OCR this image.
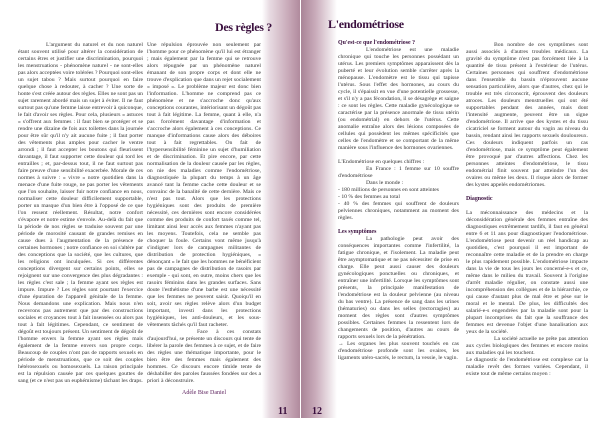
Des règles ?	L'endométriose

L'argument du naturel et du non naturel étant souvent utilisé pour altérer la considération de certains êtres et justifier une discrimination, pourquoi les menstruations - phénomène naturel - ne sont-elles pas alors acceptées voire tolérées ? Pourquoi sont-elles un sujet tabou ? Mais surtout pourquoi en faire quelque chose à redouter, à cacher ? Une sorte de honte s'est créée autour des règles. Elles ne sont pas un sujet rarement abordé mais un sujet à éviter. Il ne faut surtout pas qu'une femme laisse entrevoir à quiconque, le fait d'avoir ses règles. Pour cela, plusieurs « astuces » s'offrent aux femmes : il faut bien se protéger et se rendre une dizaine de fois aux toilettes dans la journée pour être sûr qu'il n'y ait aucune fuite ; il faut porter des vêtements plus amples pour cacher le ventre arrondi ; il faut accepter les boutons qui fleurissent davantage, il faut supporter cette douleur qui tord les entrailles ; et, par-dessus tout, il ne faut surtout pas faire preuve d'une sensibilité exacerbée. Morale de ces normes à suivre : « vivre » notre quotidien dans la menace d'une fuite rouge, ne pas porter les vêtements que l'on souhaite, laisser fuir notre confiance en nous, normaliser cette douleur difficilement supportable, porter un masque d'un bien être à l'opposé de ce que l'on ressent réellement. Résultat, notre confort s'évapore et notre estime s'envole. Au-delà du fait que la période de nos règles se traduise souvent par une période de morosité causant de grandes remises en cause dues à l'augmentation de la présence de certaines hormones ; notre confiance en soi s'altère par des conceptions que la société, que les cultures, que les religions ont inculquées. Si ces différentes conceptions divergent sur certains points, elles se rejoignent sur une convergence des plus dégradantes : les règles c'est sale ; la femme ayant ses règles est impure. Impure ? Les règles sont pourtant l'exercice d'une épuration de l'appareil génitale de la femme. Nous demandons une explication. Mais nous n'en recevrons pas autrement que par des constructions sociales et croyances tout à fait insensées ou alors pas tout à fait légitimes. Cependant, ce sentiment de dégoût est toujours présent. Un sentiment de dégoût de l'homme envers la femme ayant ses règles mais également de la femme envers son propre corps. Beaucoup de couples n'ont pas de rapports sexuels en période de menstruations, que ce soit des couples hétérosexuels ou homosexuels. La raison principale est la répulsion causée par ces quelques gouttes de sang (et ce n'est pas un euphémisme) tâchant les draps.

Une répulsion éprouvée non seulement par l'homme pour ce phénomène qu'il lui est étranger ; mais également par la femme qui se retrouve alors répugnée par un phénomène naturel émanant de son propre corps et dont elle ne trouve d'explication que dans un rejet socialement « imposé ». Le problème majeur est donc bien l'information. L'homme ne comprend pas ce phénomène et ne s'accroche donc qu'aux conceptions courantes, intériorisant un dégoût pas tout à fait légitime. La femme, quant à elle, n'a pas forcément davantage d'information et s'accroche alors également à ces conceptions. Ce manque d'informations cause alors des déboires tout à fait regrettables. On fait de l'hypersensibilité féminine un sujet d'humiliation et de discrimination. Et pire encore, par cette normalisation de la douleur causée par les règles, on nie des maladies comme l'endométriose, diagnostiquée la plupart du temps à un âge avancé tant la femme cache cette douleur et se convainc de la banalité de cette dernière. Mais ce n'est pas tout. Alors que les protections hygiéniques sont des produits de première nécessité, ces dernières sont encore considérées comme des produits de confort taxés comme tel, limitant ainsi leur accès aux femmes n'ayant pas les moyens. Toutefois, cela ne semble pas choquer la foule. Certains vont même jusqu'à s'indigner lors de campagnes militantes de distribution de protection hygiéniques, « dénonçant » le fait que les hommes ne bénéficient pas de campagnes de distribution de rasoirs par exemple - qui sont, en outre, moins chers que les rasoirs féminins dans les grandes surfaces. Sans doute l'esthétisme d'une barbe est une nécessité que les femmes ne peuvent saisir. Quoiqu'il en soit, avoir ses règles relève alors d'un budget important, investi dans les protections hygiéniques, les anti-douleurs, et les sous-vêtements tâchés qu'il faut racheter.

Face à ces constats d'aujourd'hui, se présente un discours qui tente de libérer la parole des femmes à ce sujet, et de faire des règles une thématique importante, pour le bien être des femmes mais également des hommes. Ce discours encore timide tente de déshabiller des paroles faussées fondées sur des a priori à déconstruire.

Adèle Bise Daniel

Qu'est-ce que l'endométriose ?

L'endométriose est une maladie chronique qui touche les personnes possédant un utérus. Les premiers symptômes apparaissent dès la puberté et leur évolution semble s'arrêter après la ménopause. L'endomètre est le tissu qui tapisse l'utérus. Sous l'effet des hormones, au cours du cycle, il s'épaissit en vue d'une potentielle grossesse, et s'il n'y a pas fécondation, il se désagrège et saigne : ce sont les règles. Cette maladie gynécologique se caractérise par la présence anormale de tissu utérin (ou endométrial) en dehors de l'utérus. Cette anomalie entraîne alors des lésions composées de cellules qui possèdent les mêmes spécificités que celles de l'endomètre et se comportant de la même manière sous l'influence des hormones ovariennes.

L'Endométriose en quelques chiffres :

En France : 1 femme sur 10 souffre d'endométriose

Dans le monde :

- 180 millions de personnes en sont atteintes

- 10 % des femmes au total

- 40 % des femmes qui souffrent de douleurs pelviennes chroniques, notamment au moment des règles.

Les symptômes

La pathologie peut avoir des conséquences importantes comme l'infertilité, la fatigue chronique, et l'isolement. La maladie peut être asymptomatique et ne pas nécessiter de prise en charge. Elle peut aussi causer des douleurs gynécologiques ponctuelles ou chroniques, et entraîner une infertilité. Lorsque les symptômes sont présents, la principale manifestation de l'endométriose est la douleur pelvienne (au niveau du bas ventre). La présence de sang dans les urines (hématuries) ou dans les selles (rectorragies) au moment des règles sont d'autres symptômes possibles. Certaines femmes la ressentent lors de changements de position, d'autres au cours de rapports sexuels lors de la pénétration.

→ Les organes les plus souvent touchés en cas d'endométriose profonde sont les ovaires, les ligaments utéro-sacrés, le rectum, la vessie, le vagin.

Bon nombre de ces symptômes sont aussi associés à d'autres troubles médicaux. La gravité du symptôme n'est pas forcément liée à la quantité de tissu présent à l'extérieur de l'utérus. Certaines personnes qui souffrent d'endométriose dans l'ensemble du bassin n'éprouvent aucune sensation particulière, alors que d'autres, chez qui le trouble est très circonscrit, éprouvent des douleurs atroces. Les douleurs menstruelles qui ont été supportables pendant des années, mais dont l'intensité augmente, peuvent être un signe d'endométriose. Il arrive que des kystes et du tissu cicatriciel se forment autour du vagin au niveau du bassin, rendant ainsi les rapports sexuels douloureux. Ces douleurs indiquent parfois un cas d'endométriose, mais ce symptôme peut également être provoqué par d'autres affections. Chez les personnes atteintes d'endométriose, le tissu endométrial finit souvent par atteindre l'un des ovaires ou même les deux. Il risque alors de former des kystes appelés endométriomes.

Diagnostic

La méconnaissance des médecins et la déconsidération générale des femmes entraîne des diagnostiques extrêmement tardifs, il faut en général entre 6 et 11 ans pour diagnostiquer l'endométriose. L'endométriose peut devenir un réel handicap au quotidien, c'est pourquoi il est important de reconnaître cette maladie et de la prendre en charge le plus rapidement possible. L'endométriose impacte dans la vie de tous les jours les concerné-e-s et ce, même dans le milieu du travail. Souvent à l'origine d'arrêt maladie régulier, on constate aussi une incompréhension des collègues et de la hiérarchie, ce qui cause d'autant plus de mal être et pèse sur le moral et le mental. De plus, les difficultés des salarié-e-s engendrées par la maladie sont pour la plupart incomprises du fait que la souffrance des femmes est devenue l'objet d'une banalisation aux yeux de la société.

La société actuelle ne prête pas attention aux cycles biologiques des femmes et encore moins aux maladies qui les touchent.

Le diagnostic de l'endométriose est complexe car la maladie revêt des formes variées. Cependant, il existe tout de même certains moyen :

11 12
